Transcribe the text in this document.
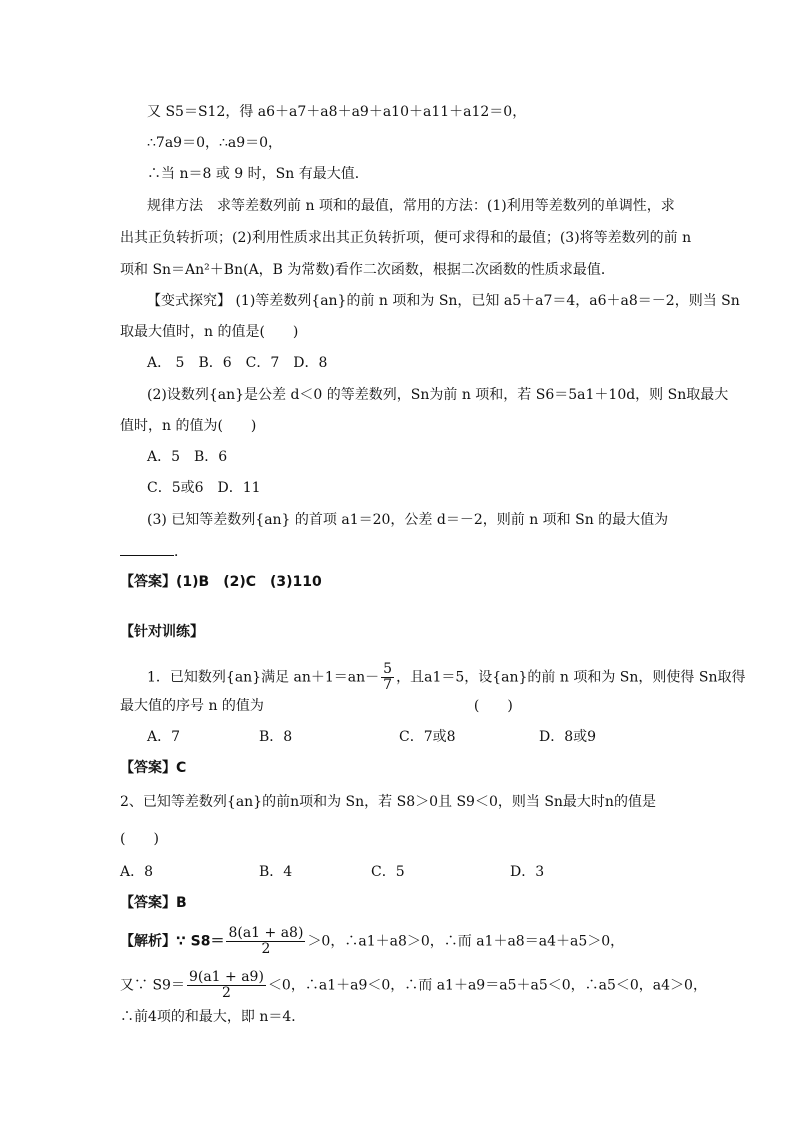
又 S5＝S12，得 a6＋a7＋a8＋a9＋a10＋a11＋a12＝0，
∴7a9＝0，∴a9＝0，
∴当 n＝8 或 9 时，Sn 有最大值．
规律方法　求等差数列前 n 项和的最值，常用的方法：(1)利用等差数列的单调性，求
出其正负转折项；(2)利用性质求出其正负转折项，便可求得和的最值；(3)将等差数列的前 n
项和 Sn＝An²＋Bn(A，B 为常数)看作二次函数，根据二次函数的性质求最值．
【变式探究】 (1)等差数列{an}的前 n 项和为 Sn，已知 a5＋a7＝4，a6＋a8＝－2，则当 Sn
取最大值时，n 的值是(　　)
A． 5　B．6　C．7　D．8
(2)设数列{an}是公差 d＜0 的等差数列，Sn为前 n 项和，若 S6＝5a1＋10d，则 Sn取最大
值时，n 的值为(　　)
A．5　B．6
C．5或6　D．11
(3) 已知等差数列{an} 的首项 a1＝20，公差 d＝－2，则前 n 项和 Sn 的最大值为
．
【答案】(1)B　(2)C　(3)110
【针对训练】
1．已知数列{an}满足 $an+1=an- \frac{5}{7}$ ，且a1＝5，设{an}的前 n 项和为 Sn，则使得 Sn取得
最大值的序号 n 的值为　　　　　　　　　　　　　　　(　　)
A．7	B．8	C．7或8	D．8或9
【答案】C
2、已知等差数列{an}的前n项和为 Sn，若 S8＞0且 S9＜0，则当 Sn最大时n的值是
(　　)
A．8	B．4	C．5	D．3
【答案】B
【解析】∵ $S8= \frac{8(a1 + a8)}{2} >0$，∴a1＋a8＞0，∴而 a1＋a8＝a4＋a5＞0，
又∵ $S9= \frac{9(a1 + a9)}{2} <0$，∴a1＋a9＜0，∴而 a1＋a9＝a5＋a5＜0，∴a5＜0，a4＞0，
∴前4项的和最大，即 n＝4．
